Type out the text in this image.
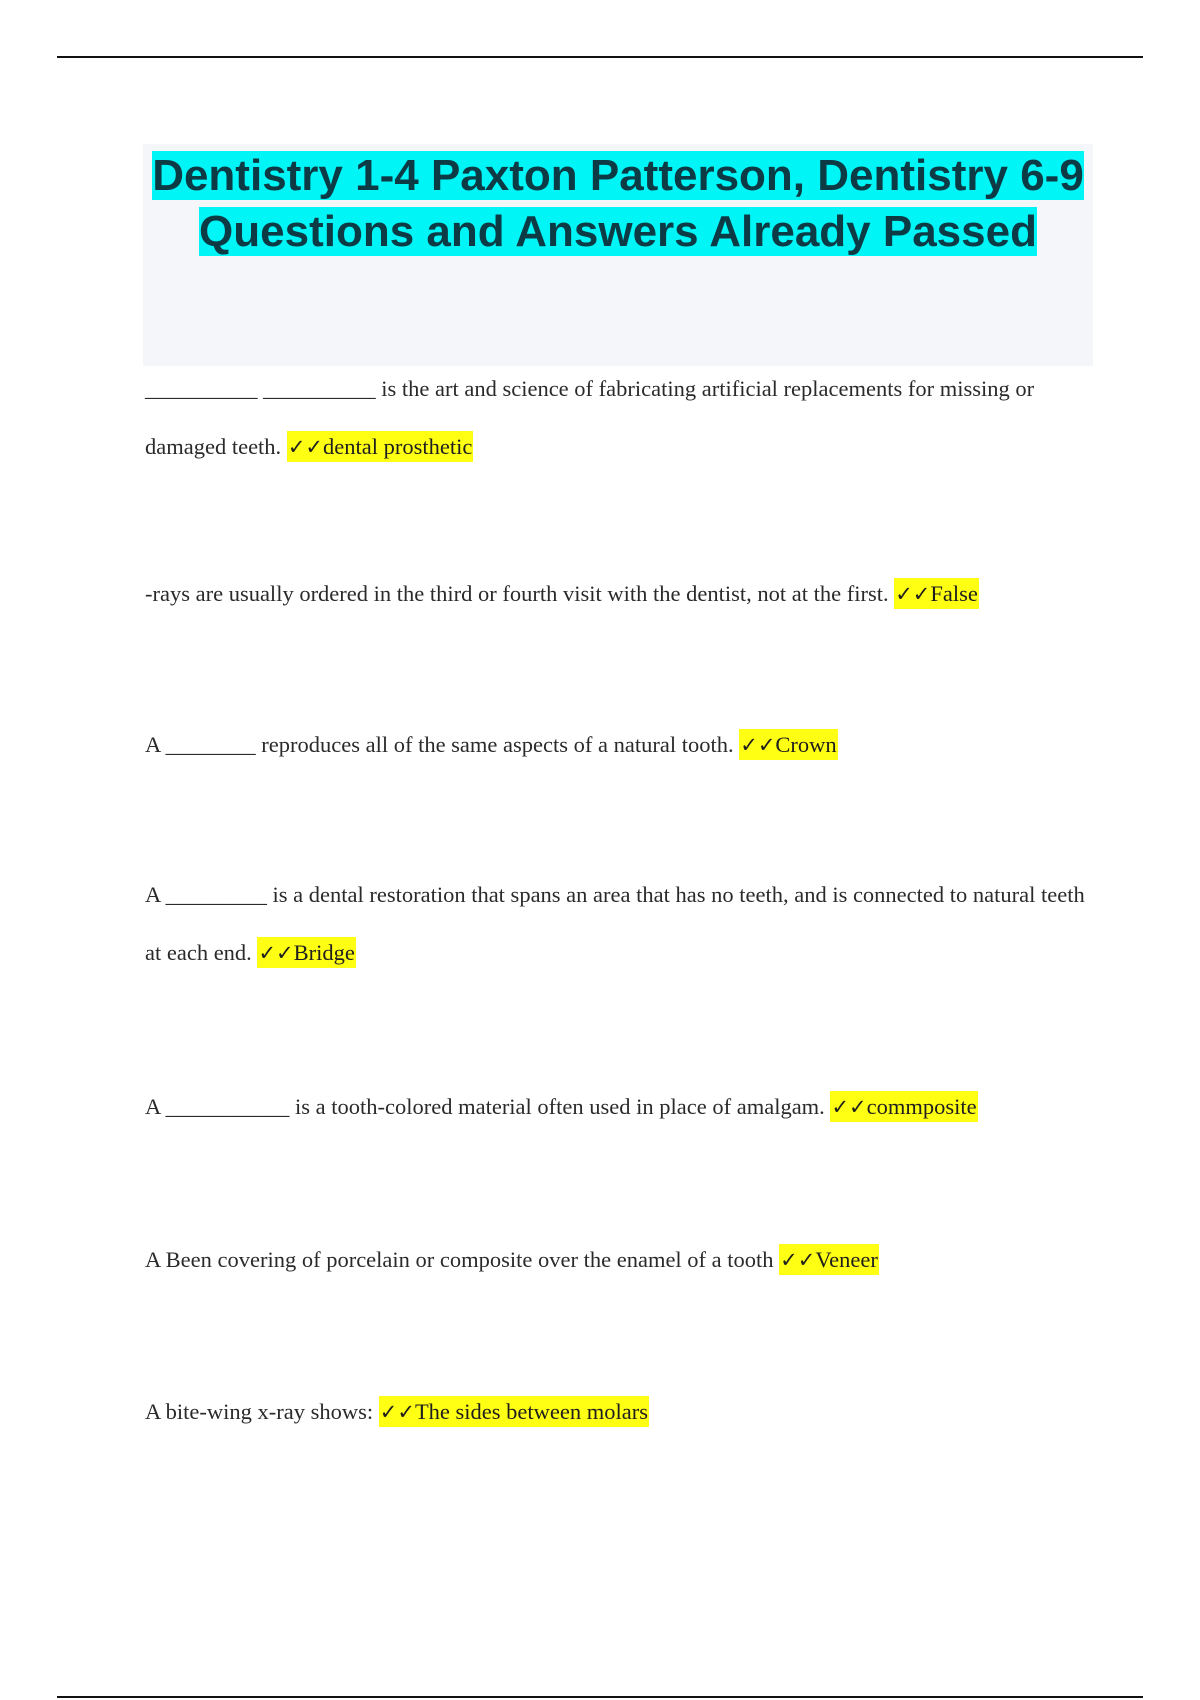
Dentistry 1-4 Paxton Patterson, Dentistry 6-9 Questions and Answers Already Passed
__________ __________ is the art and science of fabricating artificial replacements for missing or damaged teeth. ✓✓dental prosthetic
-rays are usually ordered in the third or fourth visit with the dentist, not at the first. ✓✓False
A ________ reproduces all of the same aspects of a natural tooth. ✓✓Crown
A _________ is a dental restoration that spans an area that has no teeth, and is connected to natural teeth at each end. ✓✓Bridge
A ___________ is a tooth-colored material often used in place of amalgam. ✓✓commposite
A Been covering of porcelain or composite over the enamel of a tooth ✓✓Veneer
A bite-wing x-ray shows: ✓✓The sides between molars
